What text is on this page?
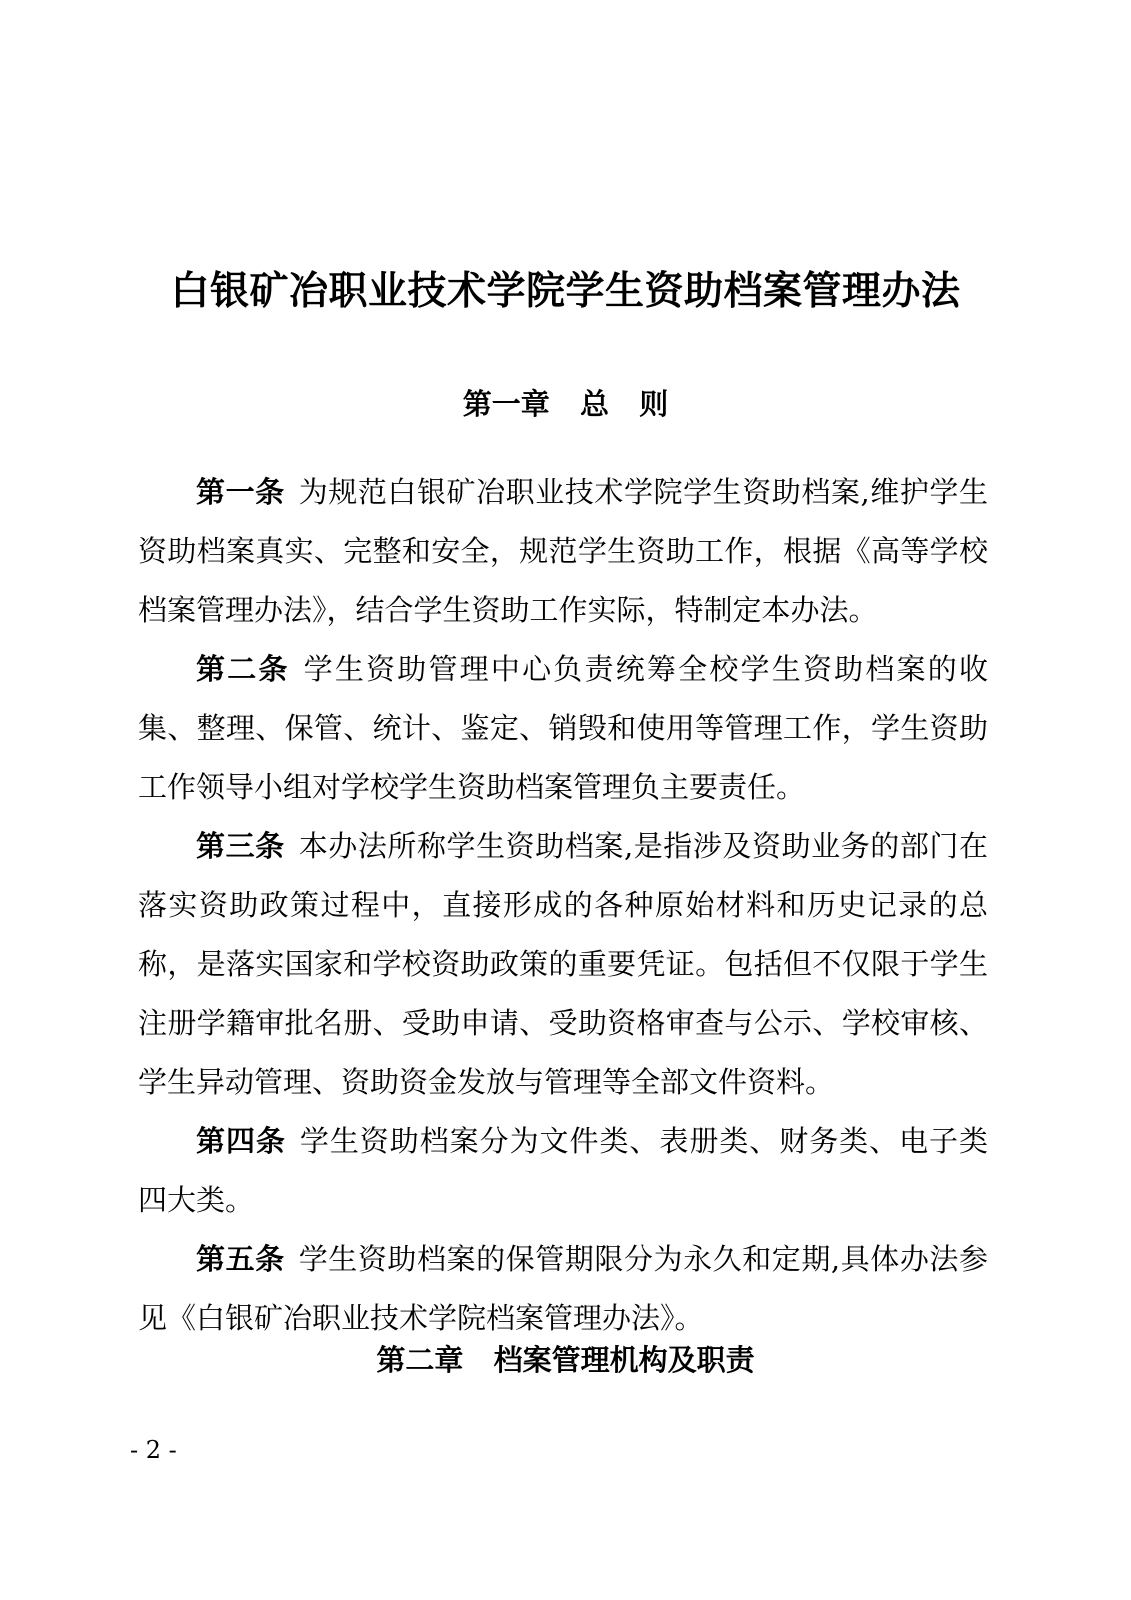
白银矿冶职业技术学院学生资助档案管理办法
第一章   总   则

第一条 为规范白银矿冶职业技术学院学生资助档案,维护学生资助档案真实、完整和安全，规范学生资助工作，根据《高等学校档案管理办法》，结合学生资助工作实际，特制定本办法。

第二条 学生资助管理中心负责统筹全校学生资助档案的收集、整理、保管、统计、鉴定、销毁和使用等管理工作，学生资助工作领导小组对学校学生资助档案管理负主要责任。

第三条 本办法所称学生资助档案,是指涉及资助业务的部门在落实资助政策过程中，直接形成的各种原始材料和历史记录的总称，是落实国家和学校资助政策的重要凭证。包括但不仅限于学生注册学籍审批名册、受助申请、受助资格审查与公示、学校审核、学生异动管理、资助资金发放与管理等全部文件资料。

第四条 学生资助档案分为文件类、表册类、财务类、电子类四大类。

第五条 学生资助档案的保管期限分为永久和定期,具体办法参见《白银矿冶职业技术学院档案管理办法》。

第二章   档案管理机构及职责
- 2 -
